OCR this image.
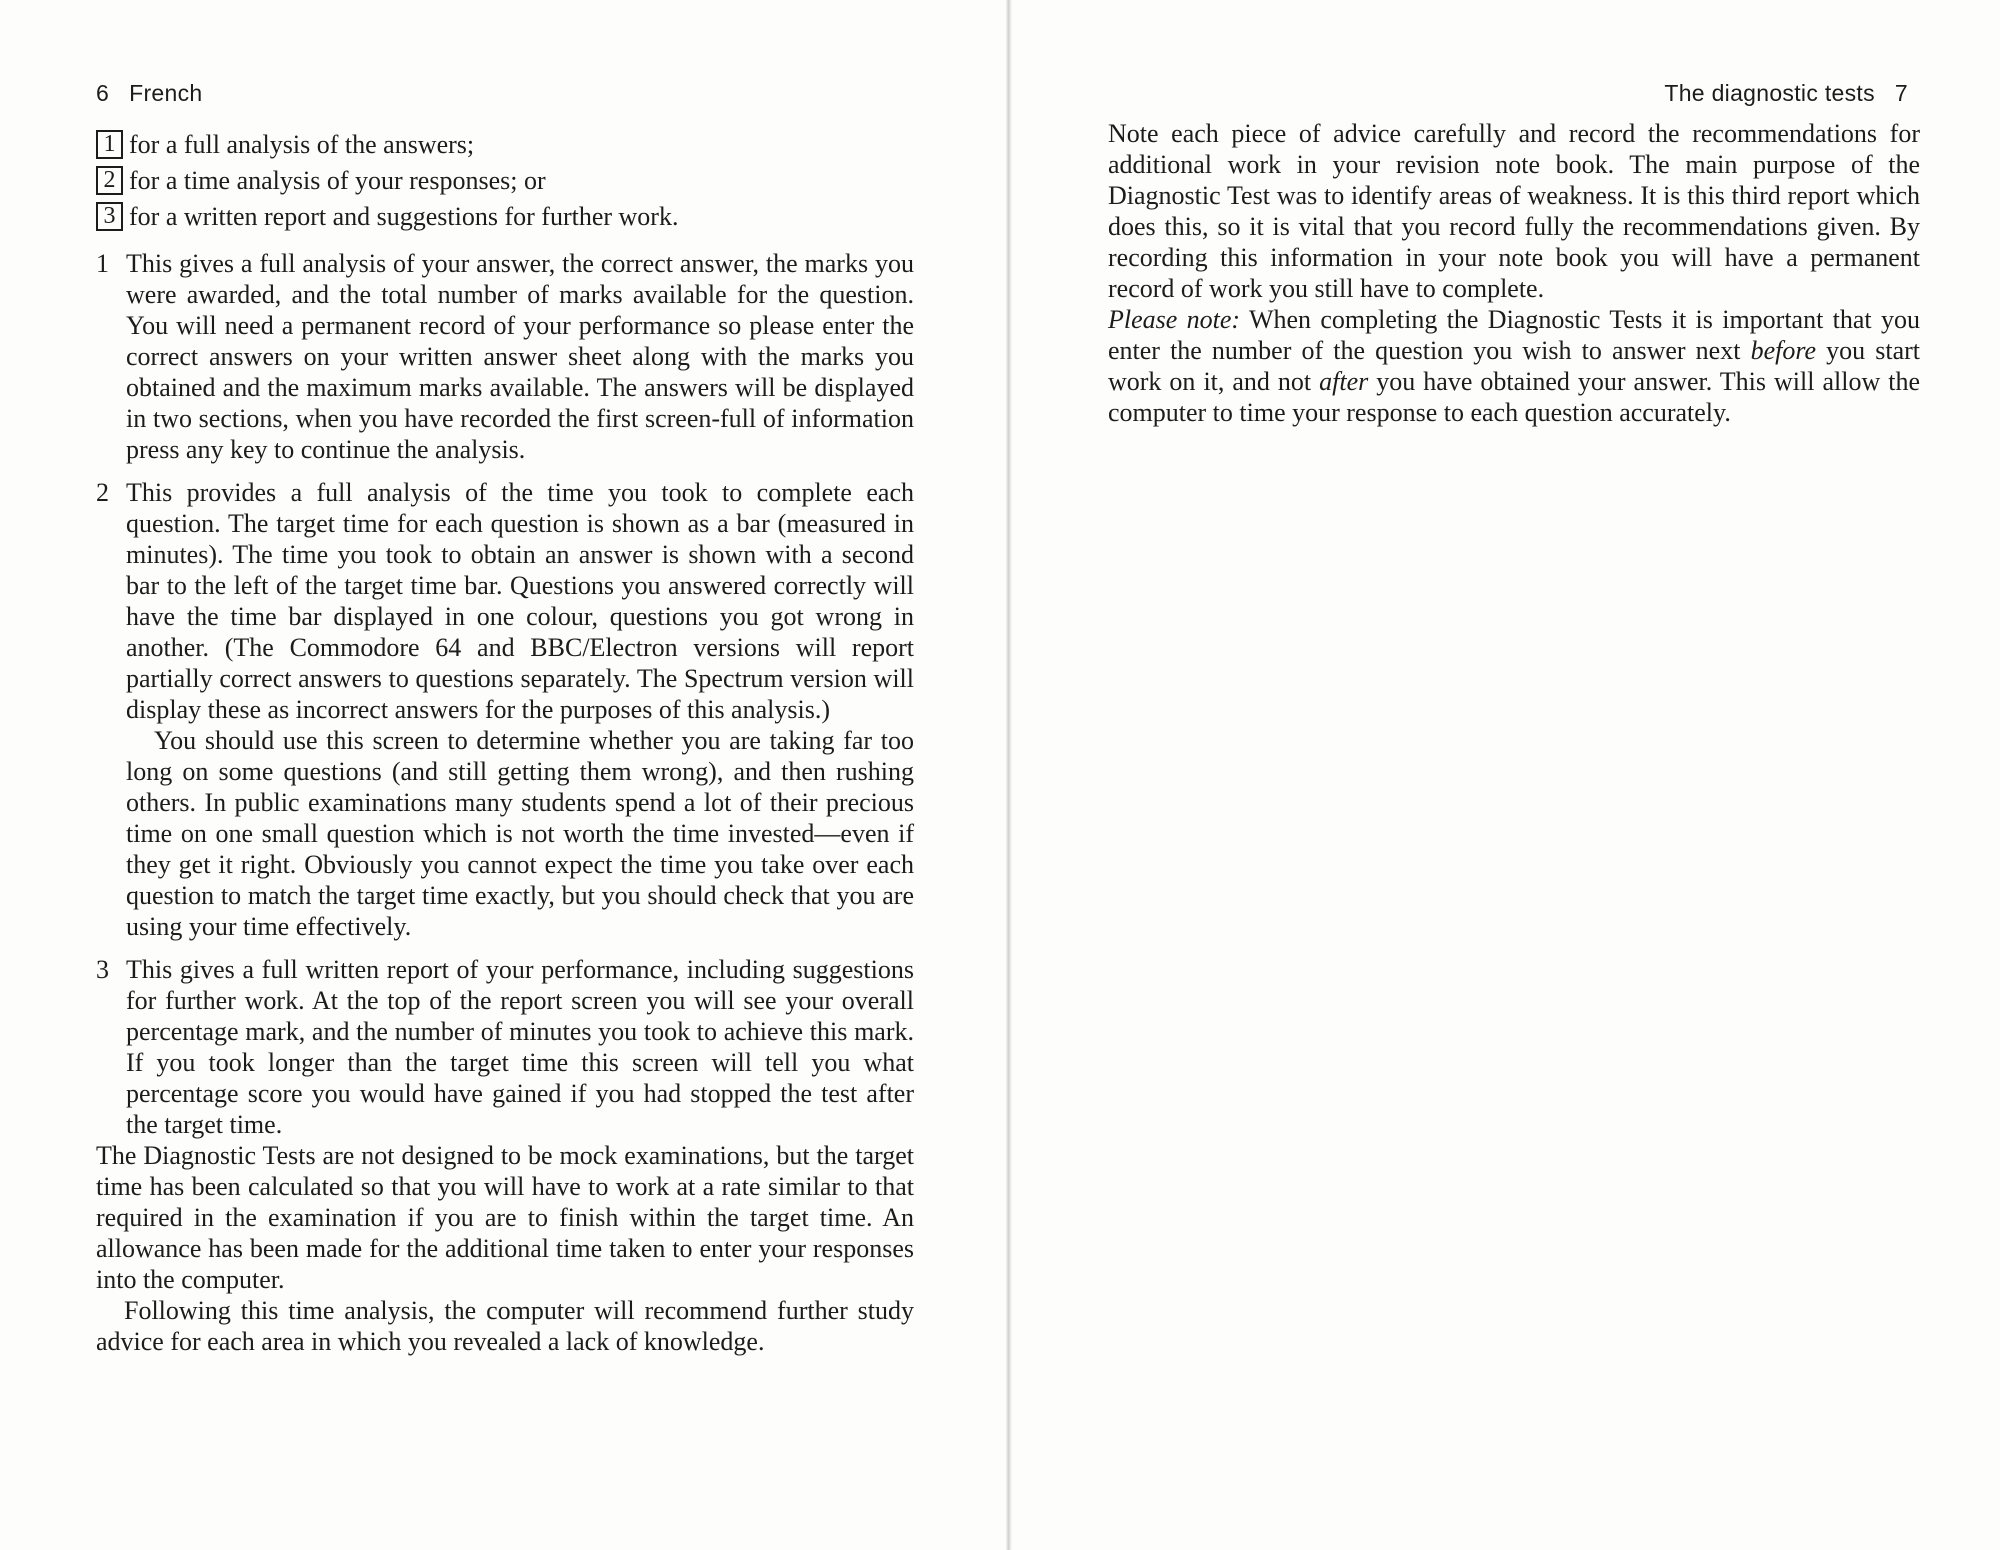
6 French
1 for a full analysis of the answers;
2 for a time analysis of your responses; or
3 for a written report and suggestions for further work.
1 This gives a full analysis of your answer, the correct answer, the marks you were awarded, and the total number of marks available for the question. You will need a permanent record of your performance so please enter the correct answers on your written answer sheet along with the marks you obtained and the maximum marks available. The answers will be displayed in two sections, when you have recorded the first screen-full of information press any key to continue the analysis.

2 This provides a full analysis of the time you took to complete each question. The target time for each question is shown as a bar (measured in minutes). The time you took to obtain an answer is shown with a second bar to the left of the target time bar. Questions you answered correctly will have the time bar displayed in one colour, questions you got wrong in another. (The Commodore 64 and BBC/Electron versions will report partially correct answers to questions separately. The Spectrum version will display these as incorrect answers for the purposes of this analysis.)

You should use this screen to determine whether you are taking far too long on some questions (and still getting them wrong), and then rushing others. In public examinations many students spend a lot of their precious time on one small question which is not worth the time invested—even if they get it right. Obviously you cannot expect the time you take over each question to match the target time exactly, but you should check that you are using your time effectively.

3 This gives a full written report of your performance, including suggestions for further work. At the top of the report screen you will see your overall percentage mark, and the number of minutes you took to achieve this mark. If you took longer than the target time this screen will tell you what percentage score you would have gained if you had stopped the test after the target time.

The Diagnostic Tests are not designed to be mock examinations, but the target time has been calculated so that you will have to work at a rate similar to that required in the examination if you are to finish within the target time. An allowance has been made for the additional time taken to enter your responses into the computer.

Following this time analysis, the computer will recommend further study advice for each area in which you revealed a lack of knowledge.

The diagnostic tests 7

Note each piece of advice carefully and record the recommendations for additional work in your revision note book. The main purpose of the Diagnostic Test was to identify areas of weakness. It is this third report which does this, so it is vital that you record fully the recommendations given. By recording this information in your note book you will have a permanent record of work you still have to complete.

Please note: When completing the Diagnostic Tests it is important that you enter the number of the question you wish to answer next before you start work on it, and not after you have obtained your answer. This will allow the computer to time your response to each question accurately.
